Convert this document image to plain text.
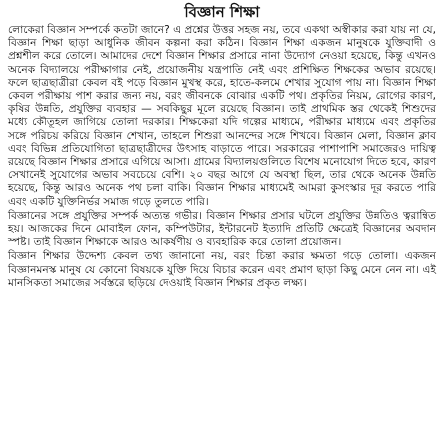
বিজ্ঞান শিক্ষা

লোকেরা বিজ্ঞান সম্পর্কে কতটা জানে? এ প্রশ্নের উত্তর সহজ নয়, তবে একথা অস্বীকার করা যায় না যে, বিজ্ঞান শিক্ষা ছাড়া আধুনিক জীবন কল্পনা করা কঠিন। বিজ্ঞান শিক্ষা একজন মানুষকে যুক্তিবাদী ও প্রশ্নশীল করে তোলে। আমাদের দেশে বিজ্ঞান শিক্ষার প্রসারে নানা উদ্যোগ নেওয়া হয়েছে, কিন্তু এখনও অনেক বিদ্যালয়ে পরীক্ষাগার নেই, প্রয়োজনীয় যন্ত্রপাতি নেই এবং প্রশিক্ষিত শিক্ষকের অভাব রয়েছে। ফলে ছাত্রছাত্রীরা কেবল বই পড়ে বিজ্ঞান মুখস্থ করে, হাতে-কলমে শেখার সুযোগ পায় না। বিজ্ঞান শিক্ষা কেবল পরীক্ষায় পাশ করার জন্য নয়, বরং জীবনকে বোঝার একটি পথ। প্রকৃতির নিয়ম, রোগের কারণ, কৃষির উন্নতি, প্রযুক্তির ব্যবহার — সবকিছুর মূলে রয়েছে বিজ্ঞান। তাই প্রাথমিক স্তর থেকেই শিশুদের মধ্যে কৌতূহল জাগিয়ে তোলা দরকার। শিক্ষকেরা যদি গল্পের মাধ্যমে, পরীক্ষার মাধ্যমে এবং প্রকৃতির সঙ্গে পরিচয় করিয়ে বিজ্ঞান শেখান, তাহলে শিশুরা আনন্দের সঙ্গে শিখবে। বিজ্ঞান মেলা, বিজ্ঞান ক্লাব এবং বিভিন্ন প্রতিযোগিতা ছাত্রছাত্রীদের উৎসাহ বাড়াতে পারে। সরকারের পাশাপাশি সমাজেরও দায়িত্ব রয়েছে বিজ্ঞান শিক্ষার প্রসারে এগিয়ে আসা। গ্রামের বিদ্যালয়গুলিতে বিশেষ মনোযোগ দিতে হবে, কারণ সেখানেই সুযোগের অভাব সবচেয়ে বেশি। ২০ বছর আগে যে অবস্থা ছিল, তার থেকে অনেক উন্নতি হয়েছে, কিন্তু আরও অনেক পথ চলা বাকি। বিজ্ঞান শিক্ষার মাধ্যমেই আমরা কুসংস্কার দূর করতে পারি এবং একটি যুক্তিনির্ভর সমাজ গড়ে তুলতে পারি।

বিজ্ঞানের সঙ্গে প্রযুক্তির সম্পর্ক অত্যন্ত গভীর। বিজ্ঞান শিক্ষার প্রসার ঘটলে প্রযুক্তির উন্নতিও ত্বরান্বিত হয়। আজকের দিনে মোবাইল ফোন, কম্পিউটার, ইন্টারনেট ইত্যাদি প্রতিটি ক্ষেত্রেই বিজ্ঞানের অবদান স্পষ্ট। তাই বিজ্ঞান শিক্ষাকে আরও আকর্ষণীয় ও ব্যবহারিক করে তোলা প্রয়োজন।

বিজ্ঞান শিক্ষার উদ্দেশ্য কেবল তথ্য জানানো নয়, বরং চিন্তা করার ক্ষমতা গড়ে তোলা। একজন বিজ্ঞানমনস্ক মানুষ যে কোনো বিষয়কে যুক্তি দিয়ে বিচার করেন এবং প্রমাণ ছাড়া কিছু মেনে নেন না। এই মানসিকতা সমাজের সর্বস্তরে ছড়িয়ে দেওয়াই বিজ্ঞান শিক্ষার প্রকৃত লক্ষ্য।
